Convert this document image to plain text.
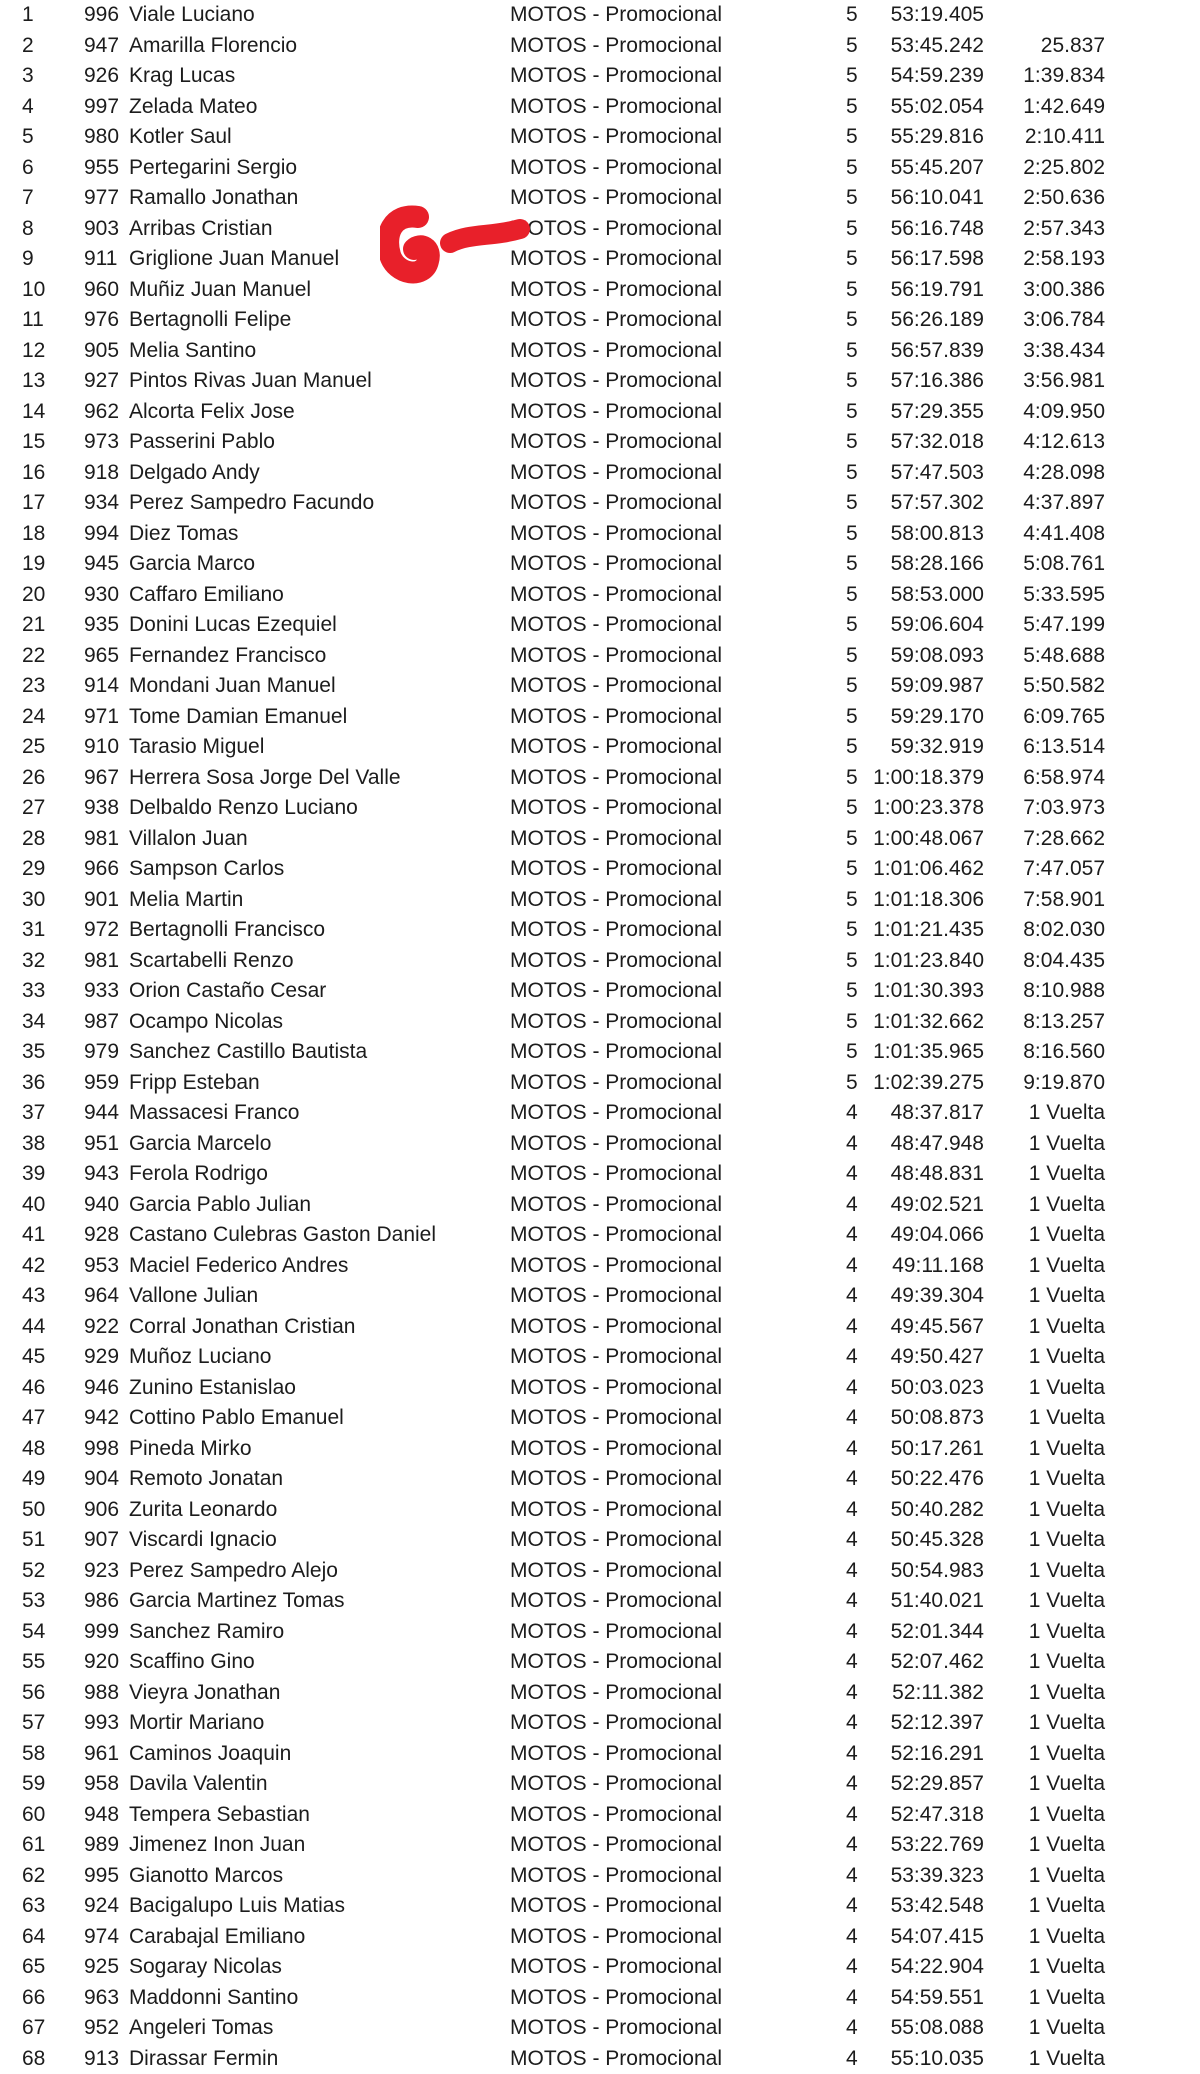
1 996 Viale Luciano	MOTOS - Promocional	5	53:19.405
2 947 Amarilla Florencio	MOTOS - Promocional	5	53:45.242	25.837
3 926 Krag Lucas	MOTOS - Promocional	5	54:59.239	1:39.834
4 997 Zelada Mateo	MOTOS - Promocional	5	55:02.054	1:42.649
5 980 Kotler Saul	MOTOS - Promocional	5	55:29.816	2:10.411
6 955 Pertegarini Sergio	MOTOS - Promocional	5	55:45.207	2:25.802
7 977 Ramallo Jonathan	MOTOS - Promocional	5	56:10.041	2:50.636
8 903 Arribas Cristian	MOTOS - Promocional	5	56:16.748	2:57.343
9 911 Griglione Juan Manuel	MOTOS - Promocional	5	56:17.598	2:58.193
10 960 Muñiz Juan Manuel	MOTOS - Promocional	5	56:19.791	3:00.386
11 976 Bertagnolli Felipe	MOTOS - Promocional	5	56:26.189	3:06.784
12 905 Melia Santino	MOTOS - Promocional	5	56:57.839	3:38.434
13 927 Pintos Rivas Juan Manuel	MOTOS - Promocional	5	57:16.386	3:56.981
14 962 Alcorta Felix Jose	MOTOS - Promocional	5	57:29.355	4:09.950
15 973 Passerini Pablo	MOTOS - Promocional	5	57:32.018	4:12.613
16 918 Delgado Andy	MOTOS - Promocional	5	57:47.503	4:28.098
17 934 Perez Sampedro Facundo	MOTOS - Promocional	5	57:57.302	4:37.897
18 994 Diez Tomas	MOTOS - Promocional	5	58:00.813	4:41.408
19 945 Garcia Marco	MOTOS - Promocional	5	58:28.166	5:08.761
20 930 Caffaro Emiliano	MOTOS - Promocional	5	58:53.000	5:33.595
21 935 Donini Lucas Ezequiel	MOTOS - Promocional	5	59:06.604	5:47.199
22 965 Fernandez Francisco	MOTOS - Promocional	5	59:08.093	5:48.688
23 914 Mondani Juan Manuel	MOTOS - Promocional	5	59:09.987	5:50.582
24 971 Tome Damian Emanuel	MOTOS - Promocional	5	59:29.170	6:09.765
25 910 Tarasio Miguel	MOTOS - Promocional	5	59:32.919	6:13.514
26 967 Herrera Sosa Jorge Del Valle	MOTOS - Promocional	5 1:00:18.379	6:58.974
27 938 Delbaldo Renzo Luciano	MOTOS - Promocional	5 1:00:23.378	7:03.973
28 981 Villalon Juan	MOTOS - Promocional	5 1:00:48.067	7:28.662
29 966 Sampson Carlos	MOTOS - Promocional	5 1:01:06.462	7:47.057
30 901 Melia Martin	MOTOS - Promocional	5 1:01:18.306	7:58.901
31 972 Bertagnolli Francisco	MOTOS - Promocional	5 1:01:21.435	8:02.030
32 981 Scartabelli Renzo	MOTOS - Promocional	5 1:01:23.840	8:04.435
33 933 Orion Castaño Cesar	MOTOS - Promocional	5 1:01:30.393	8:10.988
34 987 Ocampo Nicolas	MOTOS - Promocional	5 1:01:32.662	8:13.257
35 979 Sanchez Castillo Bautista	MOTOS - Promocional	5 1:01:35.965	8:16.560
36 959 Fripp Esteban	MOTOS - Promocional	5 1:02:39.275	9:19.870
37 944 Massacesi Franco	MOTOS - Promocional	4	48:37.817	1 Vuelta
38 951 Garcia Marcelo	MOTOS - Promocional	4	48:47.948	1 Vuelta
39 943 Ferola Rodrigo	MOTOS - Promocional	4	48:48.831	1 Vuelta
40 940 Garcia Pablo Julian	MOTOS - Promocional	4	49:02.521	1 Vuelta
41 928 Castano Culebras Gaston Daniel	MOTOS - Promocional	4	49:04.066	1 Vuelta
42 953 Maciel Federico Andres	MOTOS - Promocional	4	49:11.168	1 Vuelta
43 964 Vallone Julian	MOTOS - Promocional	4	49:39.304	1 Vuelta
44 922 Corral Jonathan Cristian	MOTOS - Promocional	4	49:45.567	1 Vuelta
45 929 Muñoz Luciano	MOTOS - Promocional	4	49:50.427	1 Vuelta
46 946 Zunino Estanislao	MOTOS - Promocional	4	50:03.023	1 Vuelta
47 942 Cottino Pablo Emanuel	MOTOS - Promocional	4	50:08.873	1 Vuelta
48 998 Pineda Mirko	MOTOS - Promocional	4	50:17.261	1 Vuelta
49 904 Remoto Jonatan	MOTOS - Promocional	4	50:22.476	1 Vuelta
50 906 Zurita Leonardo	MOTOS - Promocional	4	50:40.282	1 Vuelta
51 907 Viscardi Ignacio	MOTOS - Promocional	4	50:45.328	1 Vuelta
52 923 Perez Sampedro Alejo	MOTOS - Promocional	4	50:54.983	1 Vuelta
53 986 Garcia Martinez Tomas	MOTOS - Promocional	4	51:40.021	1 Vuelta
54 999 Sanchez Ramiro	MOTOS - Promocional	4	52:01.344	1 Vuelta
55 920 Scaffino Gino	MOTOS - Promocional	4	52:07.462	1 Vuelta
56 988 Vieyra Jonathan	MOTOS - Promocional	4	52:11.382	1 Vuelta
57 993 Mortir Mariano	MOTOS - Promocional	4	52:12.397	1 Vuelta
58 961 Caminos Joaquin	MOTOS - Promocional	4	52:16.291	1 Vuelta
59 958 Davila Valentin	MOTOS - Promocional	4	52:29.857	1 Vuelta
60 948 Tempera Sebastian	MOTOS - Promocional	4	52:47.318	1 Vuelta
61 989 Jimenez Inon Juan	MOTOS - Promocional	4	53:22.769	1 Vuelta
62 995 Gianotto Marcos	MOTOS - Promocional	4	53:39.323	1 Vuelta
63 924 Bacigalupo Luis Matias	MOTOS - Promocional	4	53:42.548	1 Vuelta
64 974 Carabajal Emiliano	MOTOS - Promocional	4	54:07.415	1 Vuelta
65 925 Sogaray Nicolas	MOTOS - Promocional	4	54:22.904	1 Vuelta
66 963 Maddonni Santino	MOTOS - Promocional	4	54:59.551	1 Vuelta
67 952 Angeleri Tomas	MOTOS - Promocional	4	55:08.088	1 Vuelta
68 913 Dirassar Fermin	MOTOS - Promocional	4	55:10.035	1 Vuelta
